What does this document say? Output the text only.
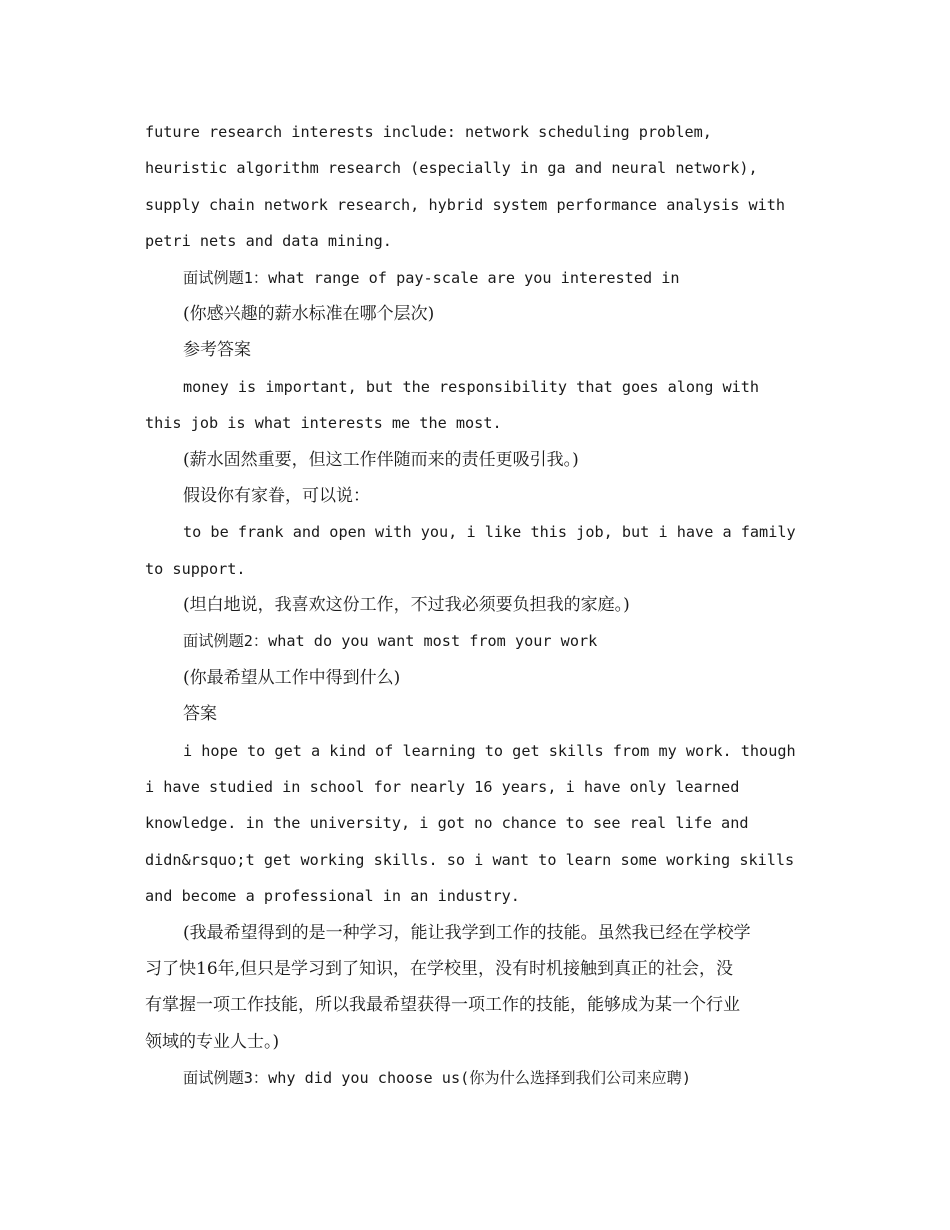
future research interests include: network scheduling problem,
heuristic algorithm research (especially in ga and neural network),
supply chain network research, hybrid system performance analysis with
petri nets and data mining.
面试例题1：what range of pay-scale are you interested in
(你感兴趣的薪水标准在哪个层次)
参考答案
money is important, but the responsibility that goes along with
this job is what interests me the most.
(薪水固然重要，但这工作伴随而来的责任更吸引我。)
假设你有家眷，可以说：
to be frank and open with you, i like this job, but i have a family
to support.
(坦白地说，我喜欢这份工作，不过我必须要负担我的家庭。)
面试例题2：what do you want most from your work
(你最希望从工作中得到什么)
答案
i hope to get a kind of learning to get skills from my work. though
i have studied in school for nearly 16 years, i have only learned
knowledge. in the university, i got no chance to see real life and
didn&rsquo;t get working skills. so i want to learn some working skills
and become a professional in an industry.
(我最希望得到的是一种学习，能让我学到工作的技能。虽然我已经在学校学
习了快16年,但只是学习到了知识，在学校里，没有时机接触到真正的社会，没
有掌握一项工作技能，所以我最希望获得一项工作的技能，能够成为某一个行业
领域的专业人士。)
面试例题3：why did you choose us(你为什么选择到我们公司来应聘)
